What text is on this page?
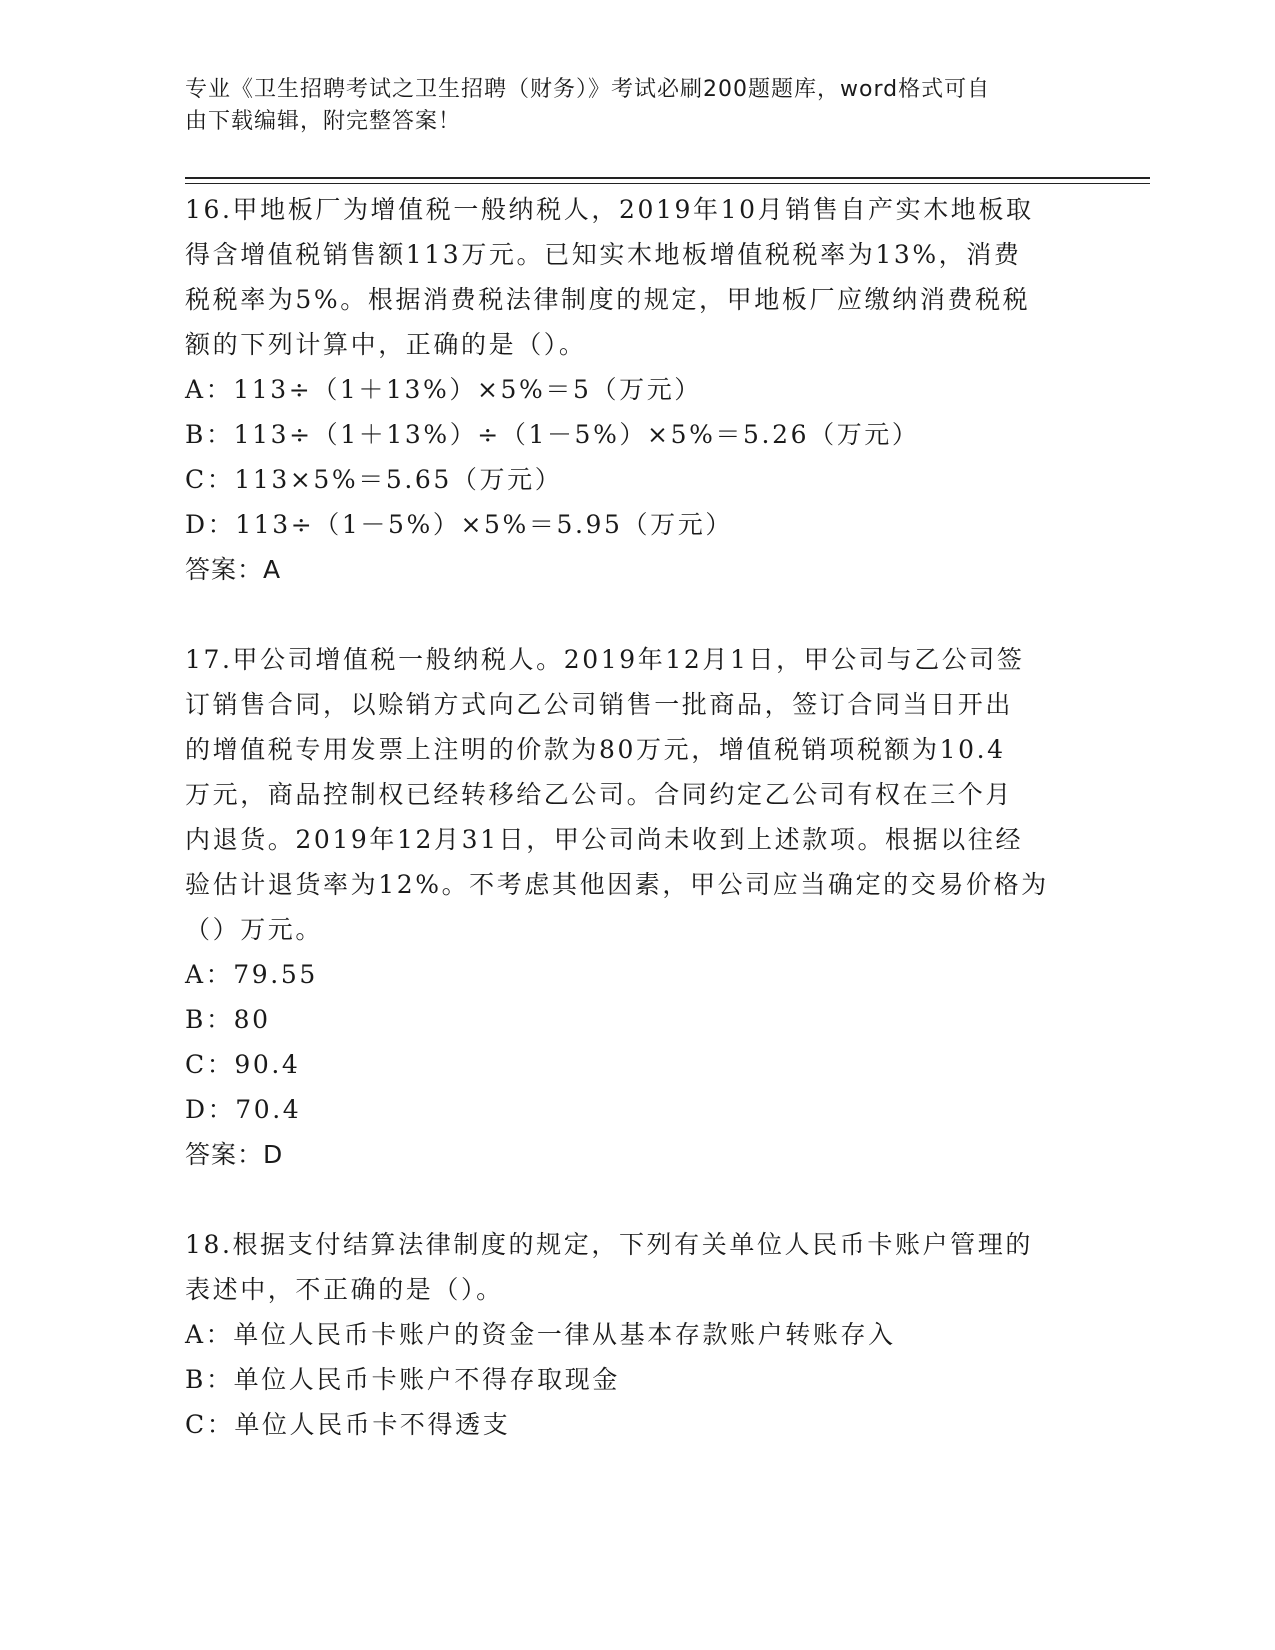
专业《卫生招聘考试之卫生招聘（财务）》考试必刷200题题库，word格式可自
由下载编辑，附完整答案！
16.甲地板厂为增值税一般纳税人，2019年10月销售自产实木地板取
得含增值税销售额113万元。已知实木地板增值税税率为13%，消费
税税率为5%。根据消费税法律制度的规定，甲地板厂应缴纳消费税税
额的下列计算中，正确的是（）。
A：113÷（1＋13%）×5%＝5（万元）
B：113÷（1＋13%）÷（1－5%）×5%＝5.26（万元）
C：113×5%＝5.65（万元）
D：113÷（1－5%）×5%＝5.95（万元）
答案：A
17.甲公司增值税一般纳税人。2019年12月1日，甲公司与乙公司签
订销售合同，以赊销方式向乙公司销售一批商品，签订合同当日开出
的增值税专用发票上注明的价款为80万元，增值税销项税额为10.4
万元，商品控制权已经转移给乙公司。合同约定乙公司有权在三个月
内退货。2019年12月31日，甲公司尚未收到上述款项。根据以往经
验估计退货率为12%。不考虑其他因素，甲公司应当确定的交易价格为
（）万元。
A：79.55
B：80
C：90.4
D：70.4
答案：D
18.根据支付结算法律制度的规定，下列有关单位人民币卡账户管理的
表述中，不正确的是（）。
A：单位人民币卡账户的资金一律从基本存款账户转账存入
B：单位人民币卡账户不得存取现金
C：单位人民币卡不得透支
